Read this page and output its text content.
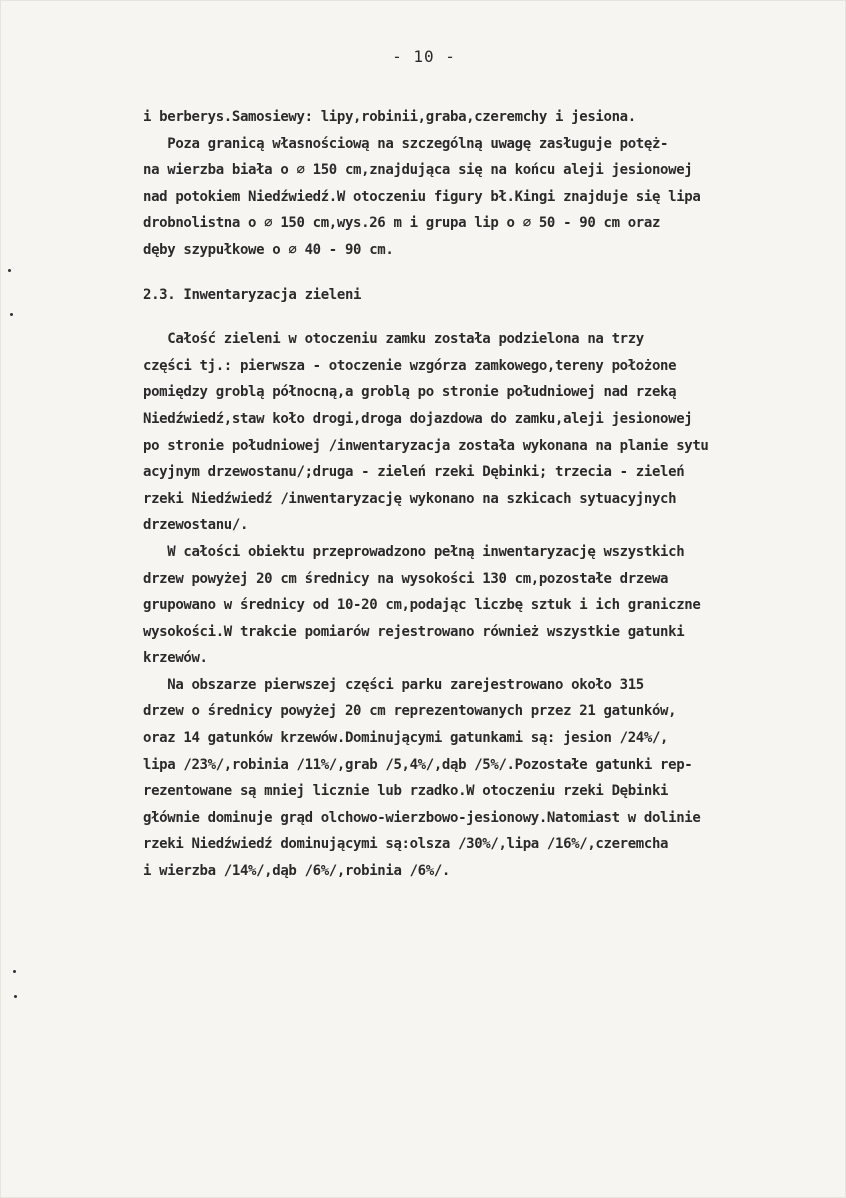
- 10 -
i berberys.Samosiewy: lipy,robinii,graba,czeremchy i jesiona.
Poza granicą własnościową na szczególną uwagę zasługuje potęż-
na wierzba biała o ∅ 150 cm,znajdująca się na końcu aleji jesionowej
nad potokiem Niedźwiedź.W otoczeniu figury bł.Kingi znajduje się lipa
drobnolistna o ∅ 150 cm,wys.26 m i grupa lip o ∅ 50 - 90 cm oraz
dęby szypułkowe o ∅ 40 - 90 cm.
2.3. Inwentaryzacja zieleni
Całość zieleni w otoczeniu zamku została podzielona na trzy
części tj.: pierwsza - otoczenie wzgórza zamkowego,tereny położone
pomiędzy groblą północną,a groblą po stronie południowej nad rzeką
Niedźwiedź,staw koło drogi,droga dojazdowa do zamku,aleji jesionowej
po stronie południowej /inwentaryzacja została wykonana na planie sytu
acyjnym drzewostanu/;druga - zieleń rzeki Dębinki; trzecia - zieleń
rzeki Niedźwiedź /inwentaryzację wykonano na szkicach sytuacyjnych
drzewostanu/.
W całości obiektu przeprowadzono pełną inwentaryzację wszystkich
drzew powyżej 20 cm średnicy na wysokości 130 cm,pozostałe drzewa
grupowano w średnicy od 10-20 cm,podając liczbę sztuk i ich graniczne
wysokości.W trakcie pomiarów rejestrowano również wszystkie gatunki
krzewów.
Na obszarze pierwszej części parku zarejestrowano około 315
drzew o średnicy powyżej 20 cm reprezentowanych przez 21 gatunków,
oraz 14 gatunków krzewów.Dominującymi gatunkami są: jesion /24%/,
lipa /23%/,robinia /11%/,grab /5,4%/,dąb /5%/.Pozostałe gatunki rep-
rezentowane są mniej licznie lub rzadko.W otoczeniu rzeki Dębinki
głównie dominuje grąd olchowo-wierzbowo-jesionowy.Natomiast w dolinie
rzeki Niedźwiedź dominującymi są:olsza /30%/,lipa /16%/,czeremcha
i wierzba /14%/,dąb /6%/,robinia /6%/.
